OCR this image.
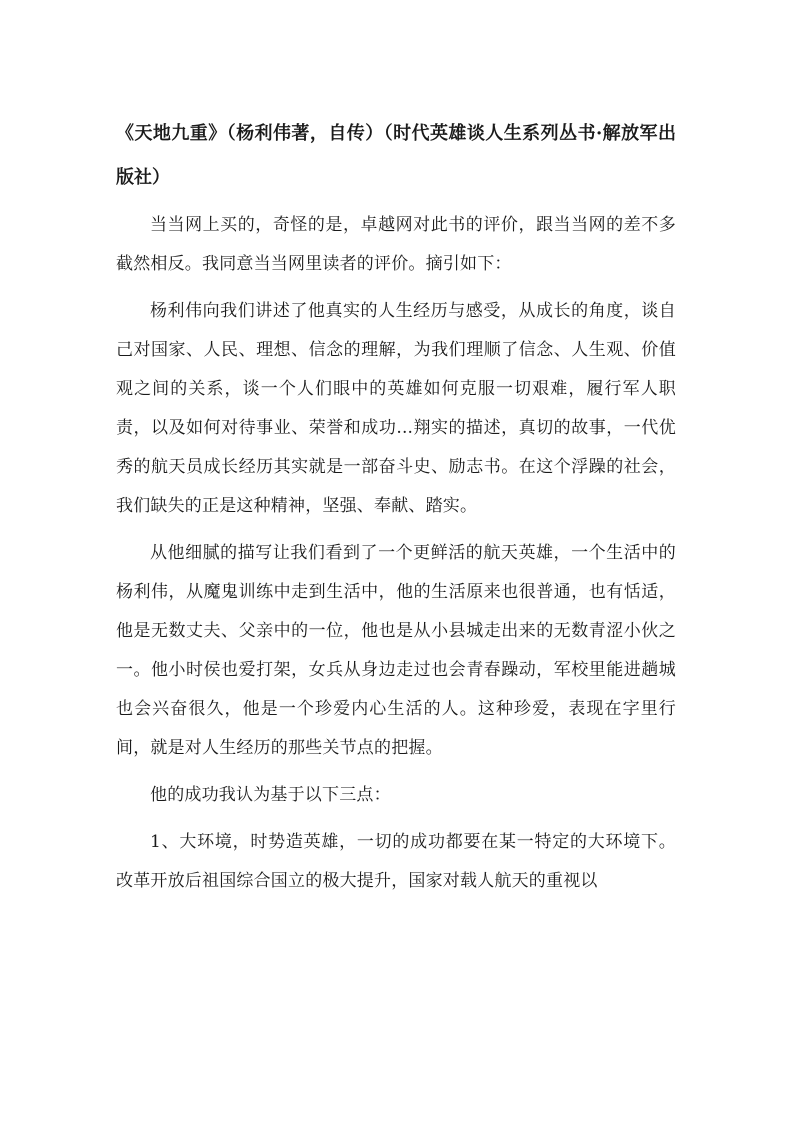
《天地九重》（杨利伟著，自传）（时代英雄谈人生系列丛书·解放军出版社）

当当网上买的，奇怪的是，卓越网对此书的评价，跟当当网的差不多截然相反。我同意当当网里读者的评价。摘引如下：

杨利伟向我们讲述了他真实的人生经历与感受，从成长的角度，谈自己对国家、人民、理想、信念的理解，为我们理顺了信念、人生观、价值观之间的关系，谈一个人们眼中的英雄如何克服一切艰难，履行军人职责，以及如何对待事业、荣誉和成功...翔实的描述，真切的故事，一代优秀的航天员成长经历其实就是一部奋斗史、励志书。在这个浮躁的社会，我们缺失的正是这种精神，坚强、奉献、踏实。

从他细腻的描写让我们看到了一个更鲜活的航天英雄，一个生活中的杨利伟，从魔鬼训练中走到生活中，他的生活原来也很普通，也有恬适，他是无数丈夫、父亲中的一位，他也是从小县城走出来的无数青涩小伙之一。他小时侯也爱打架，女兵从身边走过也会青春躁动，军校里能进趟城也会兴奋很久，他是一个珍爱内心生活的人。这种珍爱，表现在字里行间，就是对人生经历的那些关节点的把握。

他的成功我认为基于以下三点：

1、大环境，时势造英雄，一切的成功都要在某一特定的大环境下。改革开放后祖国综合国立的极大提升，国家对载人航天的重视以
